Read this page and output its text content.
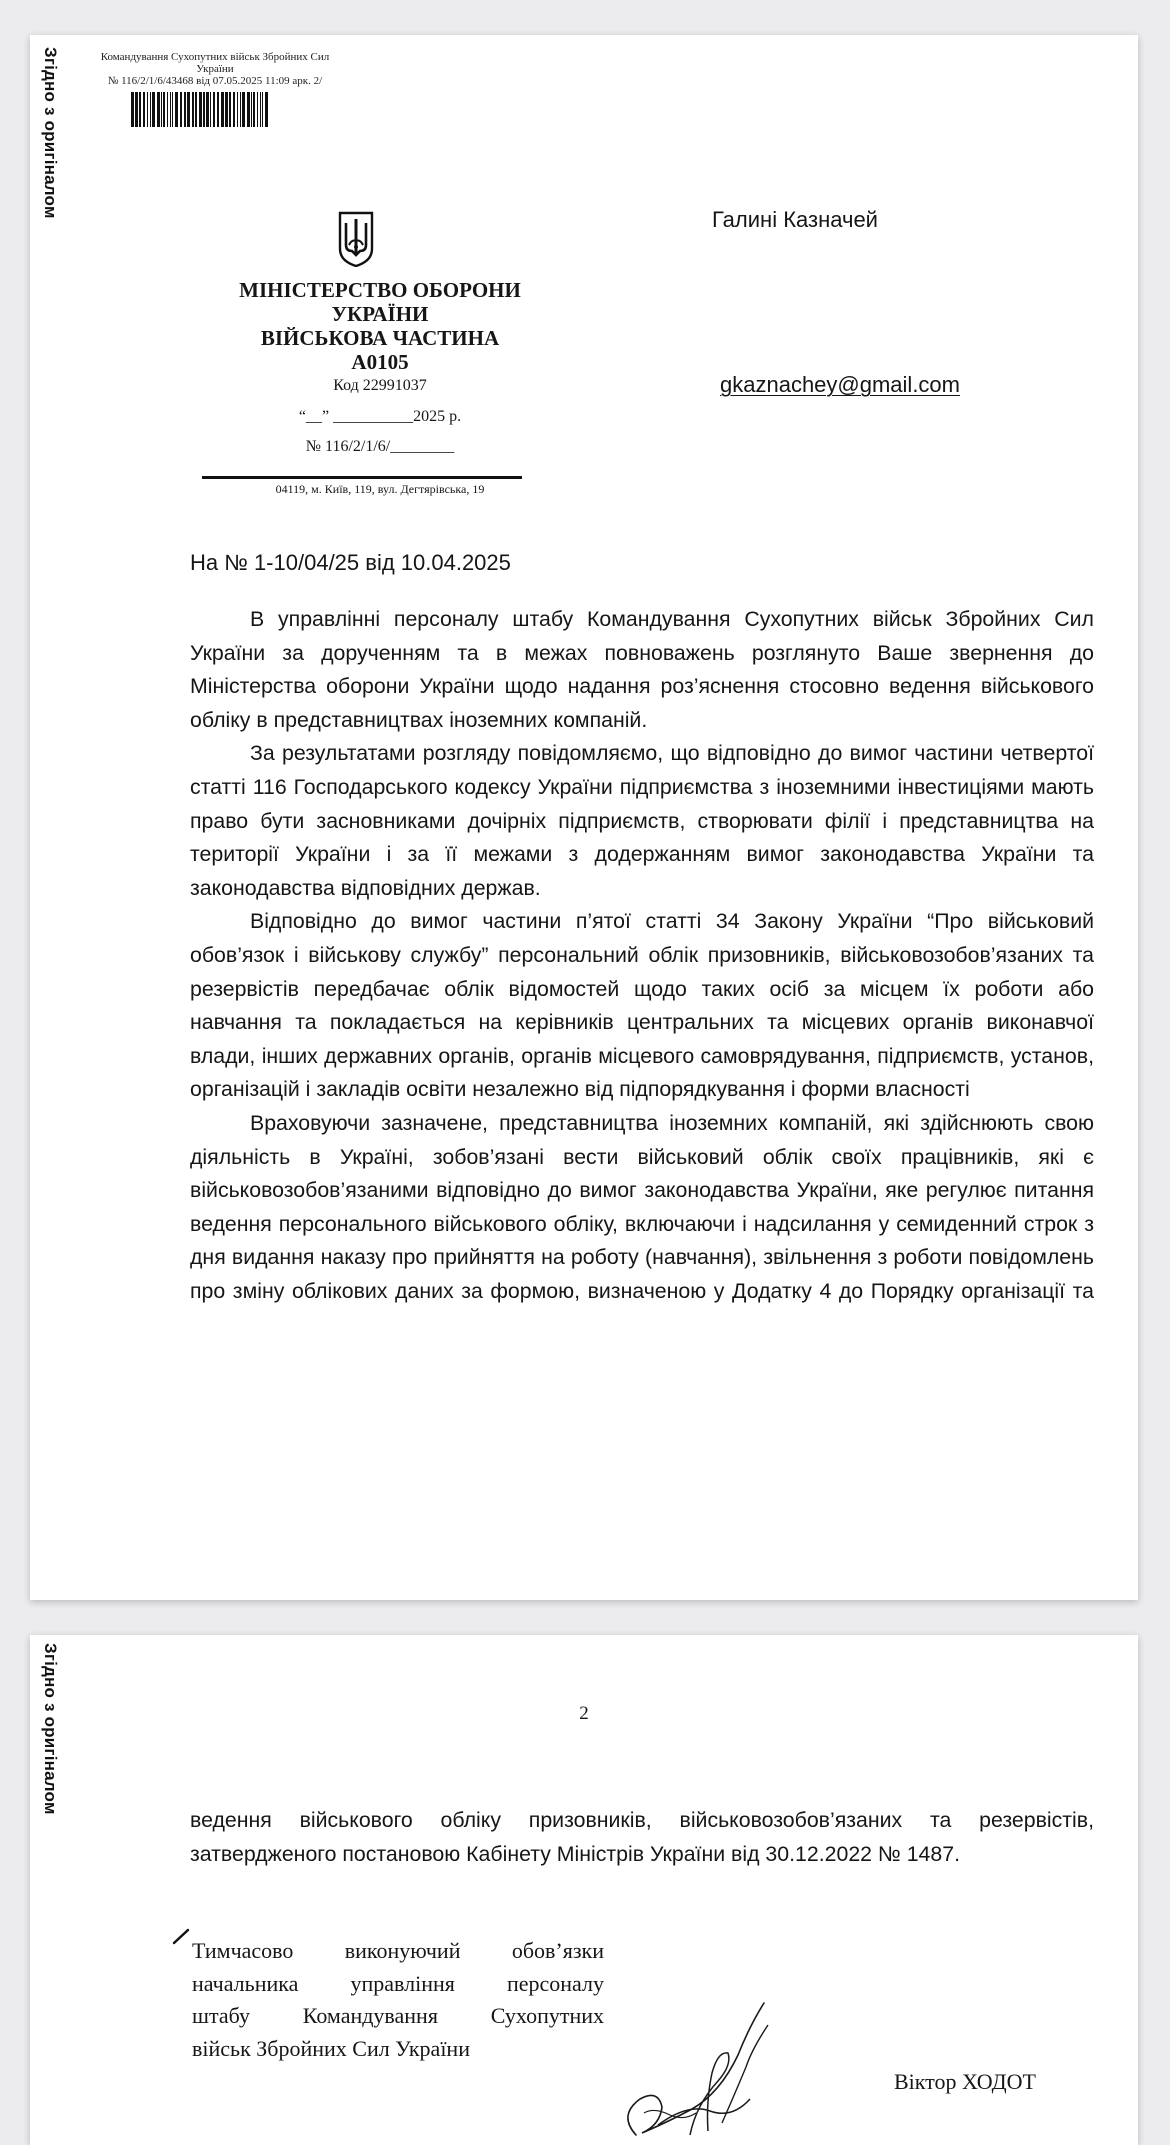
Згідно з оригіналом	Командування Сухопутних військ Збройних Сил
України
№ 116/2/1/6/43468 від 07.05.2025 11:09 арк. 2/
МІНІСТЕРСТВО ОБОРОНИ
УКРАЇНИ
ВІЙСЬКОВА ЧАСТИНА
А0105
Код 22991037
“__” __________2025 р.
№ 116/2/1/6/________
04119, м. Київ, 119, вул. Дегтярівська, 19
Галині Казначей
gkaznachey@gmail.com
На № 1-10/04/25 від 10.04.2025

В управлінні персоналу штабу Командування Сухопутних військ Збройних Сил України за дорученням та в межах повноважень розглянуто Ваше звернення до Міністерства оборони України щодо надання роз’яснення стосовно ведення військового обліку в представництвах іноземних компаній.

За результатами розгляду повідомляємо, що відповідно до вимог частини четвертої статті 116 Господарського кодексу України підприємства з іноземними інвестиціями мають право бути засновниками дочірніх підприємств, створювати філії і представництва на території України і за її межами з додержанням вимог законодавства України та законодавства відповідних держав.

Відповідно до вимог частини п’ятої статті 34 Закону України “Про військовий обов’язок і військову службу” персональний облік призовників, військовозобов’язаних та резервістів передбачає облік відомостей щодо таких осіб за місцем їх роботи або навчання та покладається на керівників центральних та місцевих органів виконавчої влади, інших державних органів, органів місцевого самоврядування, підприємств, установ, організацій і закладів освіти незалежно від підпорядкування і форми власності

Враховуючи зазначене, представництва іноземних компаній, які здійснюють свою діяльність в Україні, зобов’язані вести військовий облік своїх працівників, які є військовозобов’язаними відповідно до вимог законодавства України, яке регулює питання ведення персонального військового обліку, включаючи і надсилання у семиденний строк з дня видання наказу про прийняття на роботу (навчання), звільнення з роботи повідомлень про зміну облікових даних за формою, визначеною у Додатку 4 до Порядку організації та

Згідно з оригіналом	2

ведення військового обліку призовників, військовозобов’язаних та резервістів, затвердженого постановою Кабінету Міністрів України від 30.12.2022 № 1487.

Тимчасово виконуючий обов’язки
начальника управління персоналу
штабу Командування Сухопутних
військ Збройних Сил України
Віктор ХОДОТ
